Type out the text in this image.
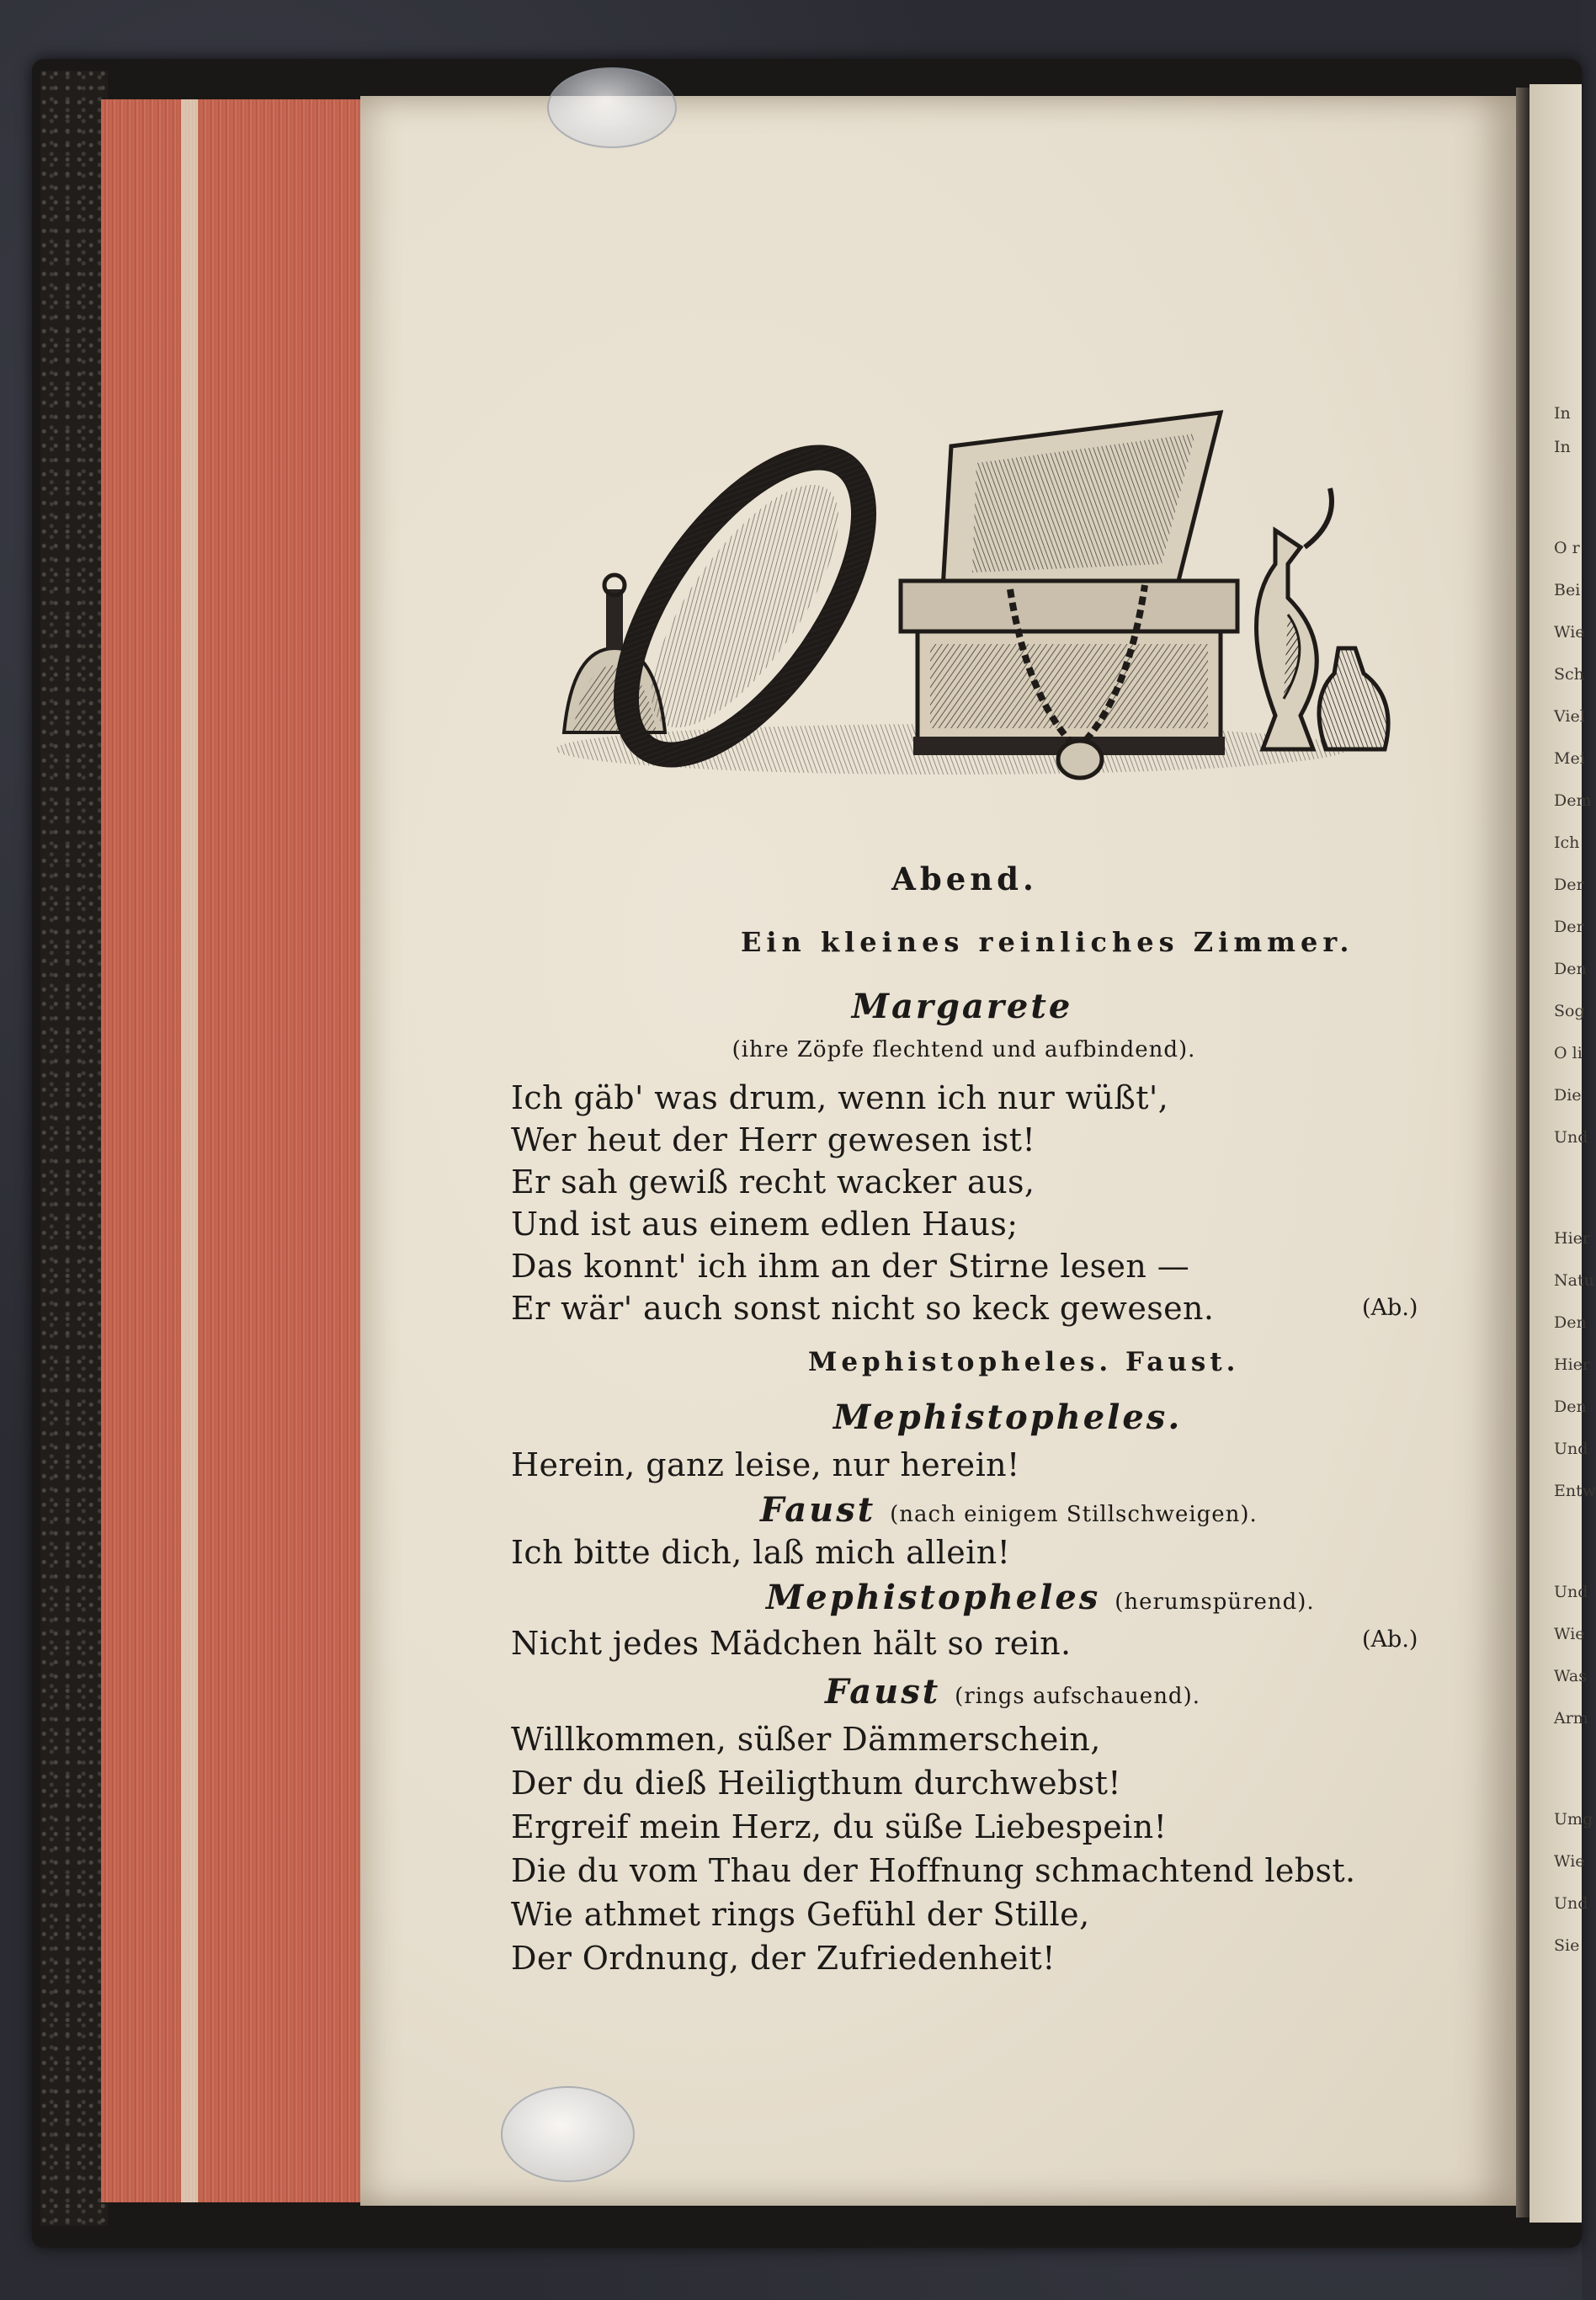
In
In
O r
Bei
Wie
Sch
Viel
Mei
Dem
Ich
Der
Der
Den
Sog
O li
Die
Und
Hier
Natu
Den
Hier
Den
Und
Entw
Und
Wie
Was
Arm
Umg
Wie
Und
Sie
Abend.
Ein kleines reinliches Zimmer.
Margarete
(ihre Zöpfe flechtend und aufbindend).
Ich gäb' was drum, wenn ich nur wüßt',
Wer heut der Herr gewesen ist!
Er sah gewiß recht wacker aus,
Und ist aus einem edlen Haus;
Das konnt' ich ihm an der Stirne lesen —
Er wär' auch sonst nicht so keck gewesen.	(Ab.)
Mephistopheles. Faust.
Mephistopheles.
Herein, ganz leise, nur herein!
Faust (nach einigem Stillschweigen).
Ich bitte dich, laß mich allein!
Mephistopheles (herumspürend).
Nicht jedes Mädchen hält so rein.	(Ab.)
Faust (rings aufschauend).
Willkommen, süßer Dämmerschein,
Der du dieß Heiligthum durchwebst!
Ergreif mein Herz, du süße Liebespein!
Die du vom Thau der Hoffnung schmachtend lebst.
Wie athmet rings Gefühl der Stille,
Der Ordnung, der Zufriedenheit!
